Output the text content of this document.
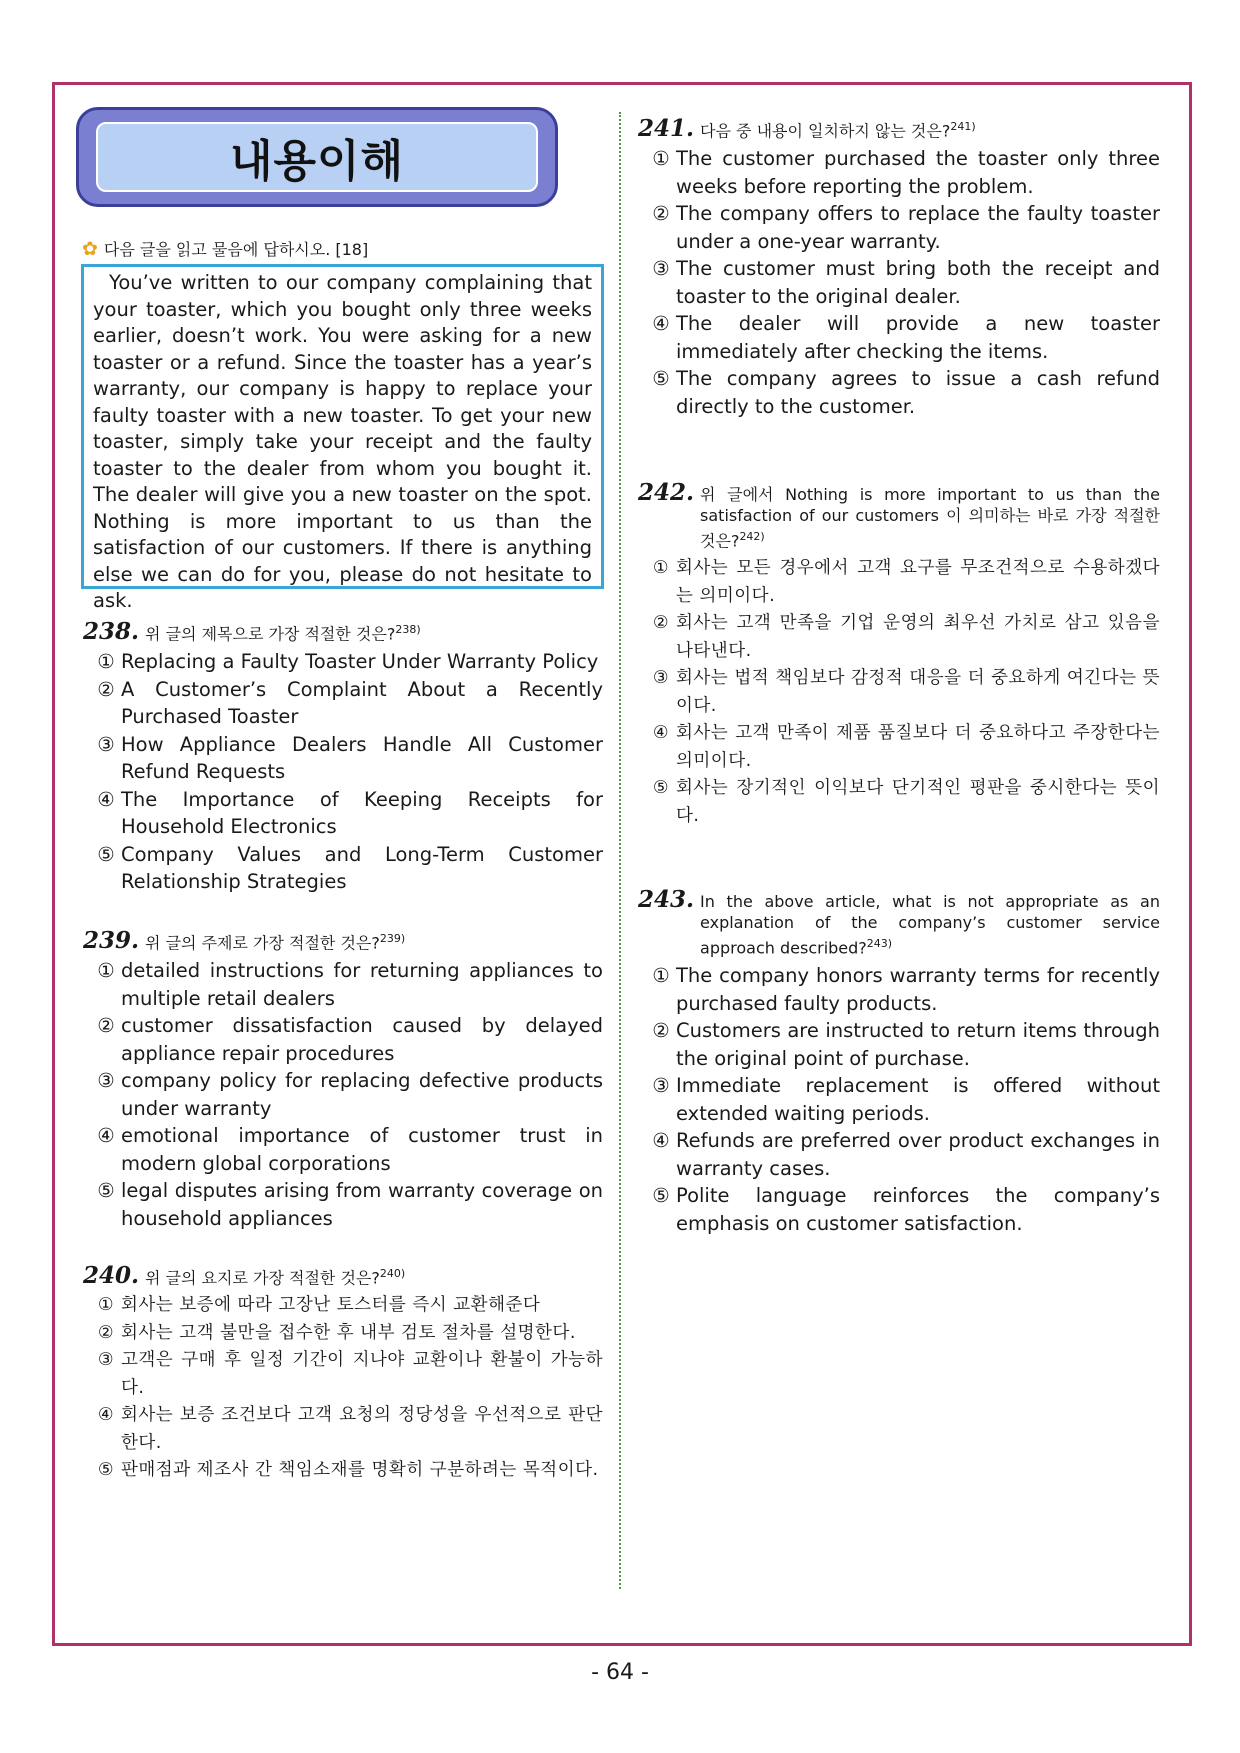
내용이해
✿ 다음 글을 읽고 물음에 답하시오. [18]

You’ve written to our company complaining that your toaster, which you bought only three weeks earlier, doesn’t work. You were asking for a new toaster or a refund. Since the toaster has a year’s warranty, our company is happy to replace your faulty toaster with a new toaster. To get your new toaster, simply take your receipt and the faulty toaster to the dealer from whom you bought it. The dealer will give you a new toaster on the spot. Nothing is more important to us than the satisfaction of our customers. If there is anything else we can do for you, please do not hesitate to ask.

238. 위 글의 제목으로 가장 적절한 것은?$^{238)}$
① Replacing a Faulty Toaster Under Warranty Policy
② A Customer’s Complaint About a Recently Purchased Toaster
③ How Appliance Dealers Handle All Customer Refund Requests
④ The Importance of Keeping Receipts for Household Electronics
⑤ Company Values and Long-Term Customer Relationship Strategies
239. 위 글의 주제로 가장 적절한 것은?$^{239)}$
① detailed instructions for returning appliances to multiple retail dealers
② customer dissatisfaction caused by delayed appliance repair procedures
③ company policy for replacing defective products under warranty
④ emotional importance of customer trust in modern global corporations
⑤ legal disputes arising from warranty coverage on household appliances
240. 위 글의 요지로 가장 적절한 것은?$^{240)}$
① 회사는 보증에 따라 고장난 토스터를 즉시 교환해준다
② 회사는 고객 불만을 접수한 후 내부 검토 절차를 설명한다.
③ 고객은 구매 후 일정 기간이 지나야 교환이나 환불이 가능하다.
④ 회사는 보증 조건보다 고객 요청의 정당성을 우선적으로 판단한다.
⑤ 판매점과 제조사 간 책임소재를 명확히 구분하려는 목적이다.
241. 다음 중 내용이 일치하지 않는 것은?$^{241)}$
① The customer purchased the toaster only three weeks before reporting the problem.
② The company offers to replace the faulty toaster under a one-year warranty.
③ The customer must bring both the receipt and toaster to the original dealer.
④ The dealer will provide a new toaster immediately after checking the items.
⑤ The company agrees to issue a cash refund directly to the customer.
242. 위 글에서 Nothing is more important to us than the satisfaction of our customers 이 의미하는 바로 가장 적절한 것은?$^{242)}$
① 회사는 모든 경우에서 고객 요구를 무조건적으로 수용하겠다는 의미이다.
② 회사는 고객 만족을 기업 운영의 최우선 가치로 삼고 있음을 나타낸다.
③ 회사는 법적 책임보다 감정적 대응을 더 중요하게 여긴다는 뜻이다.
④ 회사는 고객 만족이 제품 품질보다 더 중요하다고 주장한다는 의미이다.
⑤ 회사는 장기적인 이익보다 단기적인 평판을 중시한다는 뜻이다.
243. In the above article, what is not appropriate as an explanation of the company’s customer service approach described?$^{243)}$
① The company honors warranty terms for recently purchased faulty products.
② Customers are instructed to return items through the original point of purchase.
③ Immediate replacement is offered without extended waiting periods.
④ Refunds are preferred over product exchanges in warranty cases.
⑤ Polite language reinforces the company’s emphasis on customer satisfaction.
- 64 -
